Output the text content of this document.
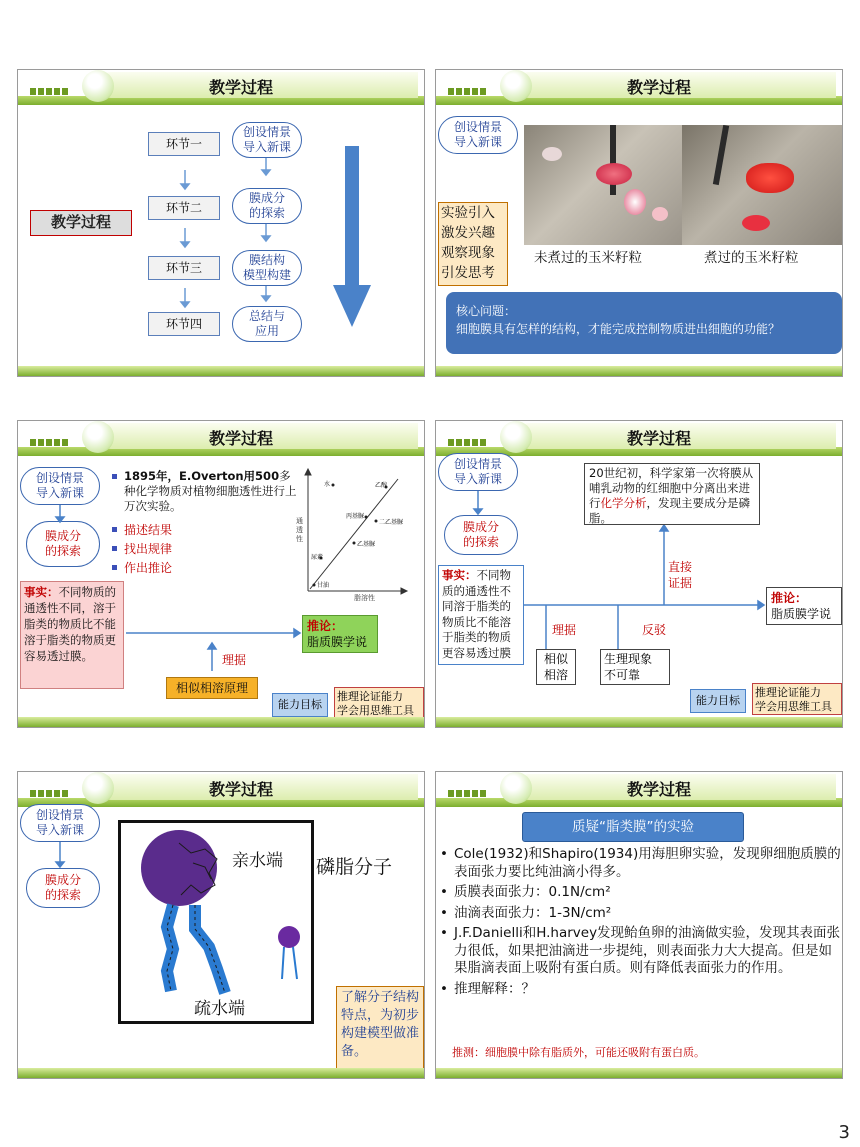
教学过程
教学过程
环节一
环节二
环节三
环节四
创设情景
导入新课
膜成分
的探索
膜结构
模型构建
总结与
应用
教学过程
创设情景
导入新课
实验引入
激发兴趣
观察现象
引发思考
未煮过的玉米籽粒	煮过的玉米籽粒
核心问题：
细胞膜具有怎样的结构，才能完成控制物质进出细胞的功能？
教学过程
创设情景
导入新课
膜成分
的探索
通透性
脂溶性
水	乙醇
丙基脲
二乙基脲
乙基脲
尿素
甘油
1895年，E.Overton用500多种化学物质对植物细胞透性进行上万次实验。
描述结果
找出规律
作出推论
事实：不同物质的通透性不同，溶于脂类的物质比不能溶于脂类的物质更容易透过膜。
推论：
脂质膜学说
理据
相似相溶原理
能力目标
推理论证能力
学会用思维工具
教学过程
创设情景
导入新课
膜成分
的探索
20世纪初，科学家第一次将膜从哺乳动物的红细胞中分离出来进行化学分析，发现主要成分是磷脂。
事实：不同物质的通透性不同溶于脂类的物质比不能溶于脂类的物质更容易透过膜
直接
证据
推论：
脂质膜学说
理据	反驳
相似
相溶
生理现象
不可靠
能力目标
推理论证能力
学会用思维工具
教学过程
创设情景
导入新课
膜成分
的探索
亲水端
疏水端
磷脂分子
了解分子结构特点，为初步构建模型做准备。
教学过程
质疑“脂类膜”的实验
• Cole(1932)和Shapiro(1934)用海胆卵实验，发现卵细胞质膜的表面张力要比纯油滴小得多。
• 质膜表面张力：0.1N/cm²
• 油滴表面张力：1-3N/cm²
• J.F.Danielli和H.harvey发现鲐鱼卵的油滴做实验，发现其表面张力很低，如果把油滴进一步提纯，则表面张力大大提高。但是如果脂滴表面上吸附有蛋白质。则有降低表面张力的作用。
• 推理解释：？
推测：细胞膜中除有脂质外，可能还吸附有蛋白质。
3
